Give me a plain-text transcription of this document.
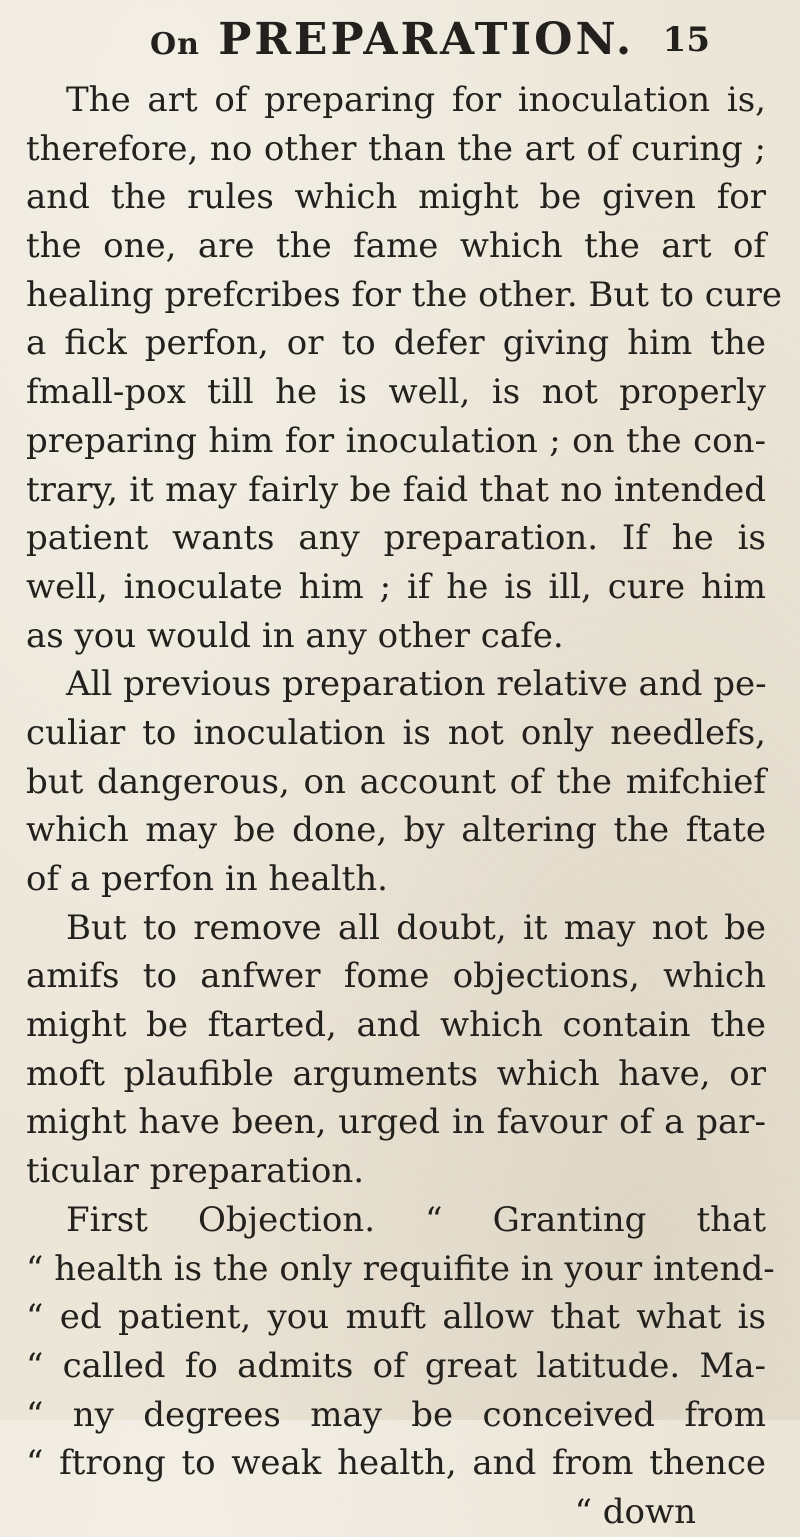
On PREPARATION. 15
The art of preparing for inoculation is,
therefore, no other than the art of curing ;
and the rules which might be given for
the one, are the fame which the art of
healing prefcribes for the other. But to cure
a fick perfon, or to defer giving him the
fmall-pox till he is well, is not properly
preparing him for inoculation ; on the con-
trary, it may fairly be faid that no intended
patient wants any preparation. If he is
well, inoculate him ; if he is ill, cure him
as you would in any other cafe.
All previous preparation relative and pe-
culiar to inoculation is not only needlefs,
but dangerous, on account of the mifchief
which may be done, by altering the ftate
of a perfon in health.
But to remove all doubt, it may not be
amifs to anfwer fome objections, which
might be ftarted, and which contain the
moft plaufible arguments which have, or
might have been, urged in favour of a par-
ticular preparation.
First Objection. “ Granting that
“ health is the only requifite in your intend-
“ ed patient, you muft allow that what is
“ called fo admits of great latitude. Ma-
“ ny degrees may be conceived from
“ ftrong to weak health, and from thence
“ down
